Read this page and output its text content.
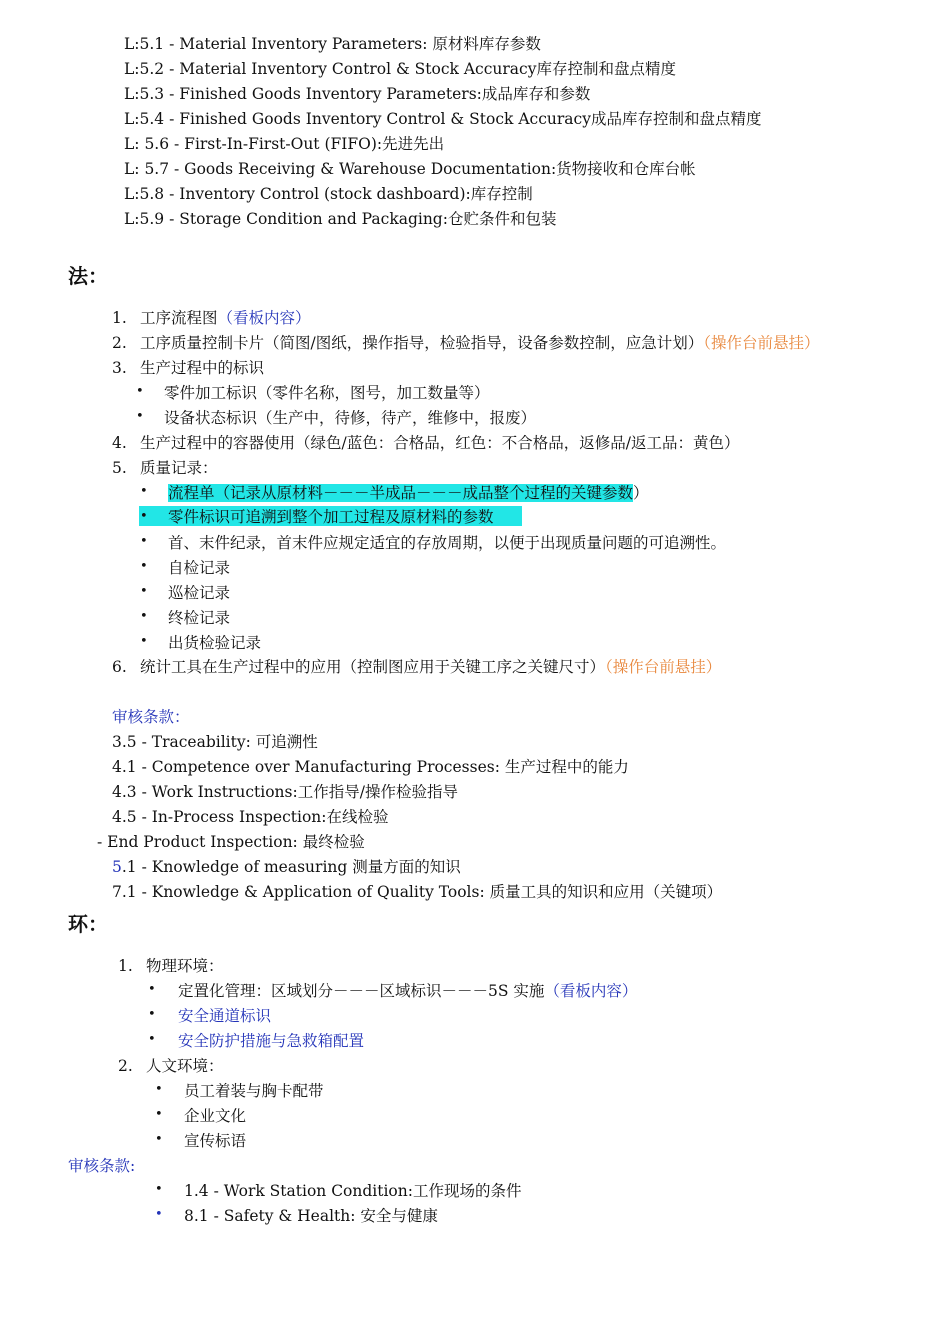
L:5.1 - Material Inventory Parameters: 原材料库存参数
L:5.2 - Material Inventory Control & Stock Accuracy库存控制和盘点精度
L:5.3 - Finished Goods Inventory Parameters:成品库存和参数
L:5.4 - Finished Goods Inventory Control & Stock Accuracy成品库存控制和盘点精度
L: 5.6 - First-In-First-Out (FIFO):先进先出
L: 5.7 - Goods Receiving & Warehouse Documentation:货物接收和仓库台帐
L:5.8 - Inventory Control (stock dashboard):库存控制
L:5.9 - Storage Condition and Packaging:仓贮条件和包装
法：
1. 工序流程图（看板内容）
2. 工序质量控制卡片（简图/图纸，操作指导，检验指导，设备参数控制，应急计划）（操作台前悬挂）
3. 生产过程中的标识
• 零件加工标识（零件名称，图号，加工数量等）
• 设备状态标识（生产中，待修，待产，维修中，报废）
4. 生产过程中的容器使用（绿色/蓝色：合格品，红色：不合格品，返修品/返工品：黄色）
5. 质量记录：
流程单（记录从原材料－－－半成品－－－成品整个过程的关键参数）
•
• 零件标识可追溯到整个加工过程及原材料的参数
• 首、末件纪录，首末件应规定适宜的存放周期，以便于出现质量问题的可追溯性。
• 自检记录
• 巡检记录
• 终检记录
• 出货检验记录
6. 统计工具在生产过程中的应用（控制图应用于关键工序之关键尺寸）（操作台前悬挂）
审核条款：
3.5 - Traceability: 可追溯性
4.1 - Competence over Manufacturing Processes: 生产过程中的能力
4.3 - Work Instructions:工作指导/操作检验指导
4.5 - In-Process Inspection:在线检验
- End Product Inspection: 最终检验
5.1 - Knowledge of measuring 测量方面的知识
7.1 - Knowledge & Application of Quality Tools: 质量工具的知识和应用（关键项）
环：
1. 物理环境：
• 定置化管理：区域划分－－－区域标识－－－5S 实施（看板内容）
• 安全通道标识
• 安全防护措施与急救箱配置
2. 人文环境：
• 员工着装与胸卡配带
• 企业文化
• 宣传标语
审核条款:
• 1.4 - Work Station Condition:工作现场的条件
• 8.1 - Safety & Health: 安全与健康
